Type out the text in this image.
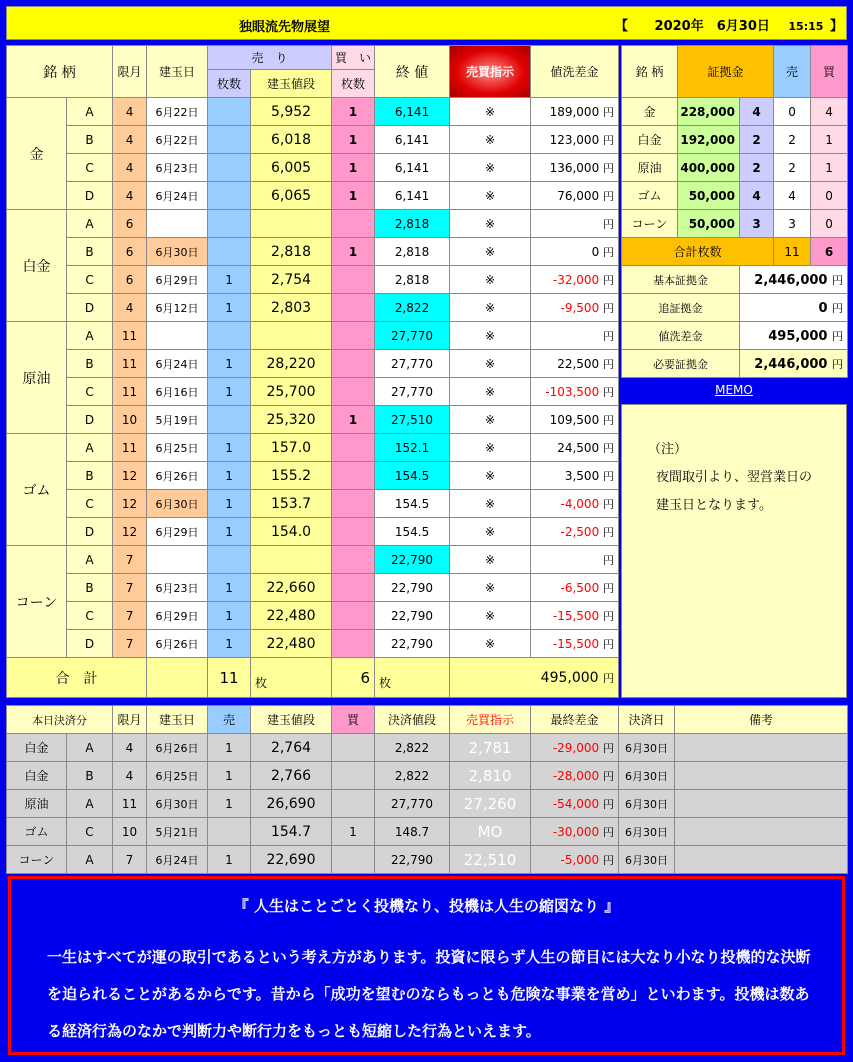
独眼流先物展望	【 2020年　6月30日 15:15 】
銘 柄		限月	建玉日	売　り		買　い	終 値	売買指示	値洗差金
				枚数	建玉値段	枚数			
金	A	4	6月22日		5,952	1	6,141	※	189,000 円
	B	4	6月22日		6,018	1	6,141	※	123,000 円
	C	4	6月23日		6,005	1	6,141	※	136,000 円
	D	4	6月24日		6,065	1	6,141	※	76,000 円
白金	A	6					2,818	※	円
	B	6	6月30日		2,818	1	2,818	※	0 円
	C	6	6月29日	1	2,754		2,818	※	-32,000 円
	D	4	6月12日	1	2,803		2,822	※	-9,500 円
原油	A	11					27,770	※	円
	B	11	6月24日	1	28,220		27,770	※	22,500 円
	C	11	6月16日	1	25,700		27,770	※	-103,500 円
	D	10	5月19日		25,320	1	27,510	※	109,500 円
ゴム	A	11	6月25日	1	157.0		152.1	※	24,500 円
	B	12	6月26日	1	155.2		154.5	※	3,500 円
	C	12	6月30日	1	153.7		154.5	※	-4,000 円
	D	12	6月29日	1	154.0		154.5	※	-2,500 円
コーン	A	7					22,790	※	円
	B	7	6月23日	1	22,660		22,790	※	-6,500 円
	C	7	6月29日	1	22,480		22,790	※	-15,500 円
	D	7	6月26日	1	22,480		22,790	※	-15,500 円
合　計				11	枚	6	枚	495,000 円	
銘 柄	証拠金		売	買
金	228,000	4	0	4
白金	192,000	2	2	1
原油	400,000	2	2	1
ゴム	50,000	4	4	0
コーン	50,000	3	3	0
合計枚数			11	6
基本証拠金		2,446,000 円		
追証拠金		0 円		
値洗差金		495,000 円		
必要証拠金		2,446,000 円		
MEMO

（注）

夜間取引より、翌営業日の

建玉日となります。

本日決済分		限月	建玉日	売	建玉値段	買	決済値段	売買指示	最終差金	決済日	備考
白金	A	4	6月26日	1	2,764		2,822	2,781	-29,000 円	6月30日	
白金	B	4	6月25日	1	2,766		2,822	2,810	-28,000 円	6月30日	
原油	A	11	6月30日	1	26,690		27,770	27,260	-54,000 円	6月30日	
ゴム	C	10	5月21日		154.7	1	148.7	MO	-30,000 円	6月30日	
コーン	A	7	6月24日	1	22,690		22,790	22,510	-5,000 円	6月30日	
『 人生はことごとく投機なり、投機は人生の縮図なり 』
一生はすべてが運の取引であるという考え方があります。投資に限らず人生の節目には大なり小なり投機的な決断を迫られることがあるからです。昔から「成功を望むのならもっとも危険な事業を営め」といわます。投機は数ある経済行為のなかで判断力や断行力をもっとも短縮した行為といえます。
